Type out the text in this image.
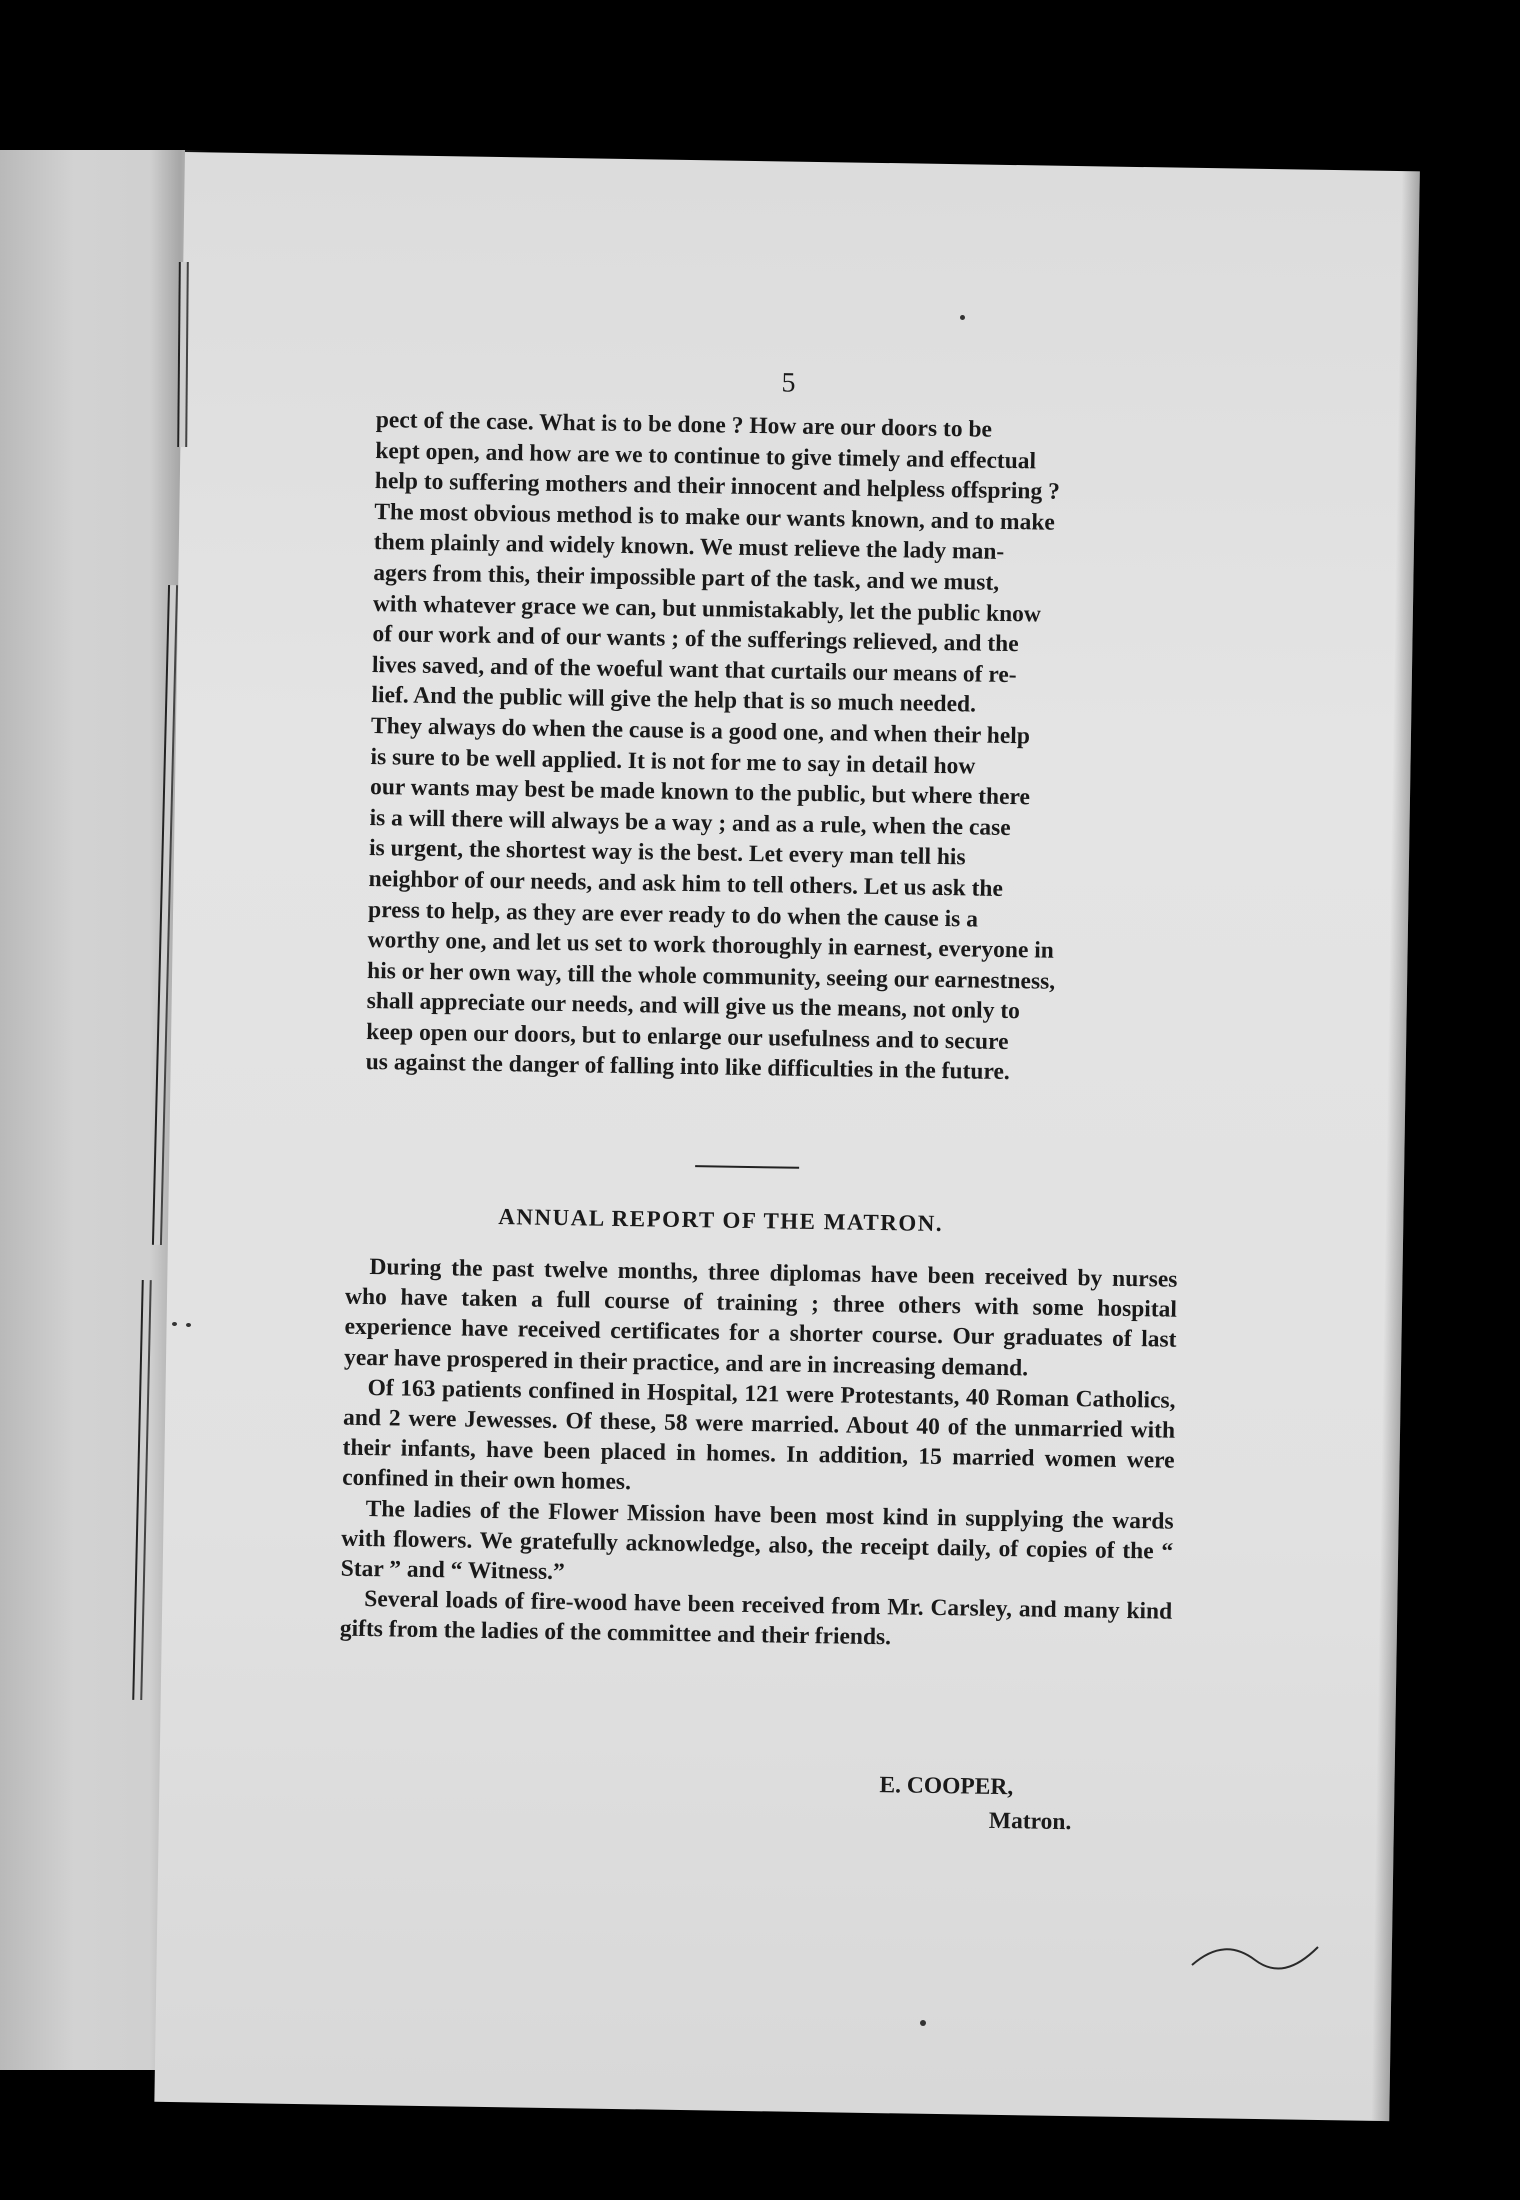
5

pect of the case. What is to be done ? How are our doors to be

kept open, and how are we to continue to give timely and effectual

help to suffering mothers and their innocent and helpless offspring ?

The most obvious method is to make our wants known, and to make

them plainly and widely known. We must relieve the lady man-

agers from this, their impossible part of the task, and we must,

with whatever grace we can, but unmistakably, let the public know

of our work and of our wants ; of the sufferings relieved, and the

lives saved, and of the woeful want that curtails our means of re-

lief. And the public will give the help that is so much needed.

They always do when the cause is a good one, and when their help

is sure to be well applied. It is not for me to say in detail how

our wants may best be made known to the public, but where there

is a will there will always be a way ; and as a rule, when the case

is urgent, the shortest way is the best. Let every man tell his

neighbor of our needs, and ask him to tell others. Let us ask the

press to help, as they are ever ready to do when the cause is a

worthy one, and let us set to work thoroughly in earnest, everyone in

his or her own way, till the whole community, seeing our earnestness,

shall appreciate our needs, and will give us the means, not only to

keep open our doors, but to enlarge our usefulness and to secure

us against the danger of falling into like difficulties in the future.

ANNUAL REPORT OF THE MATRON.

During the past twelve months, three diplomas have been received by nurses who have taken a full course of training ; three others with some hospital experience have received certificates for a shorter course. Our graduates of last year have prospered in their practice, and are in increasing demand.

Of 163 patients confined in Hospital, 121 were Protestants, 40 Roman Catholics, and 2 were Jewesses. Of these, 58 were married. About 40 of the unmarried with their infants, have been placed in homes. In addition, 15 married women were confined in their own homes.

The ladies of the Flower Mission have been most kind in supplying the wards with flowers. We gratefully acknowledge, also, the receipt daily, of copies of the “ Star ” and “ Witness.”

Several loads of fire-wood have been received from Mr. Carsley, and many kind gifts from the ladies of the committee and their friends.

E. COOPER,
Matron.
